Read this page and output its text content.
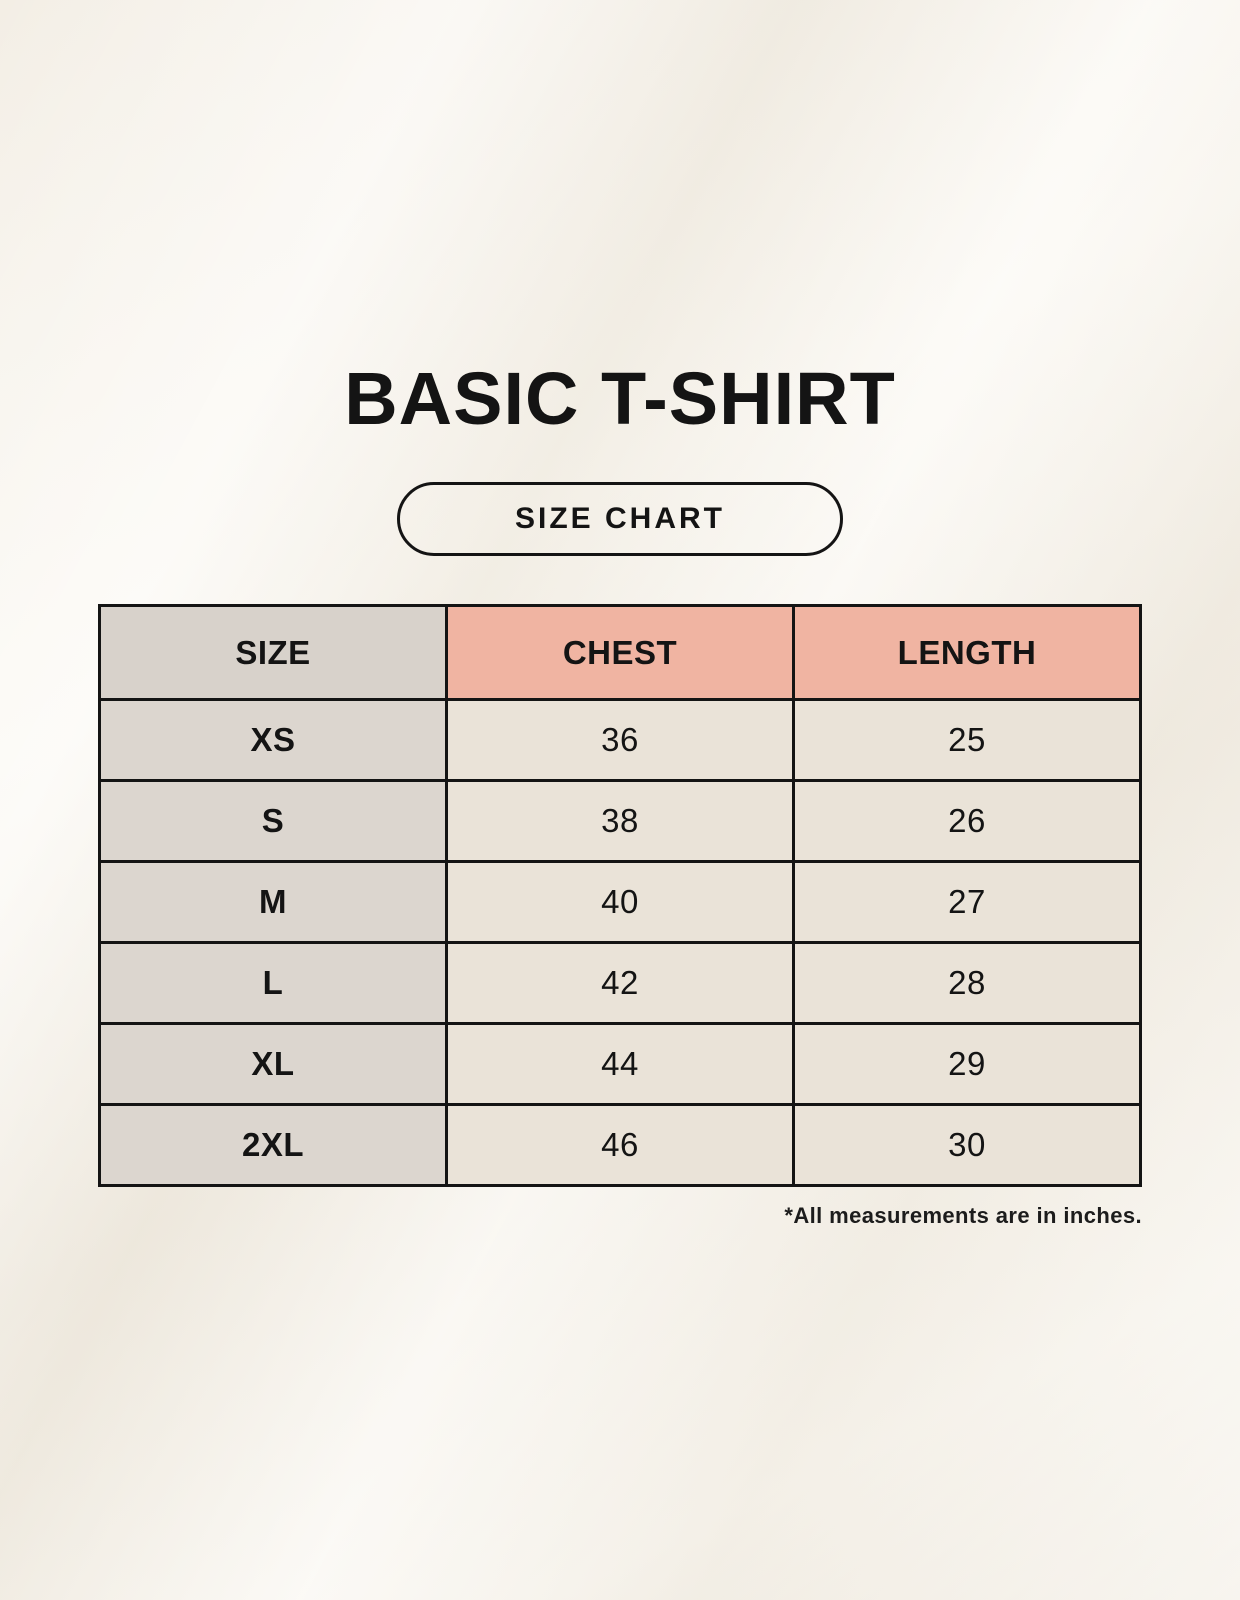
BASIC T-SHIRT
SIZE CHART
SIZE	CHEST	LENGTH
XS	36	25
S	38	26
M	40	27
L	42	28
XL	44	29
2XL	46	30
*All measurements are in inches.
